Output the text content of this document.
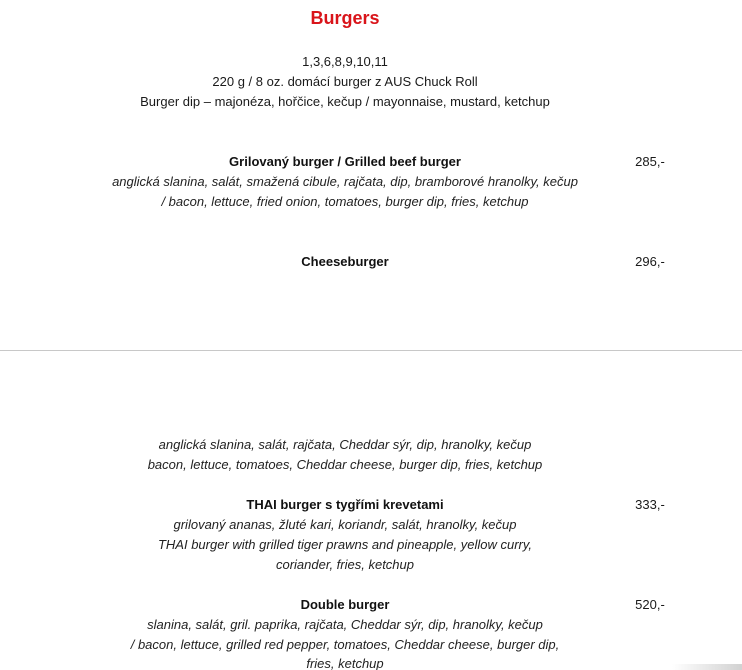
Burgers
1,3,6,8,9,10,11
220 g / 8 oz. domácí burger z AUS Chuck Roll
Burger dip – majonéza, hořčice, kečup / mayonnaise, mustard, ketchup
Grilovaný burger / Grilled beef burger	285,-
anglická slanina, salát, smažená cibule, rajčata, dip, bramborové hranolky, kečup
/ bacon, lettuce, fried onion, tomatoes, burger dip, fries, ketchup
Cheeseburger	296,-
anglická slanina, salát, rajčata, Cheddar sýr, dip, hranolky, kečup
bacon, lettuce, tomatoes, Cheddar cheese, burger dip, fries, ketchup
THAI burger s tygřími krevetami	333,-
grilovaný ananas, žluté kari, koriandr, salát, hranolky, kečup
THAI burger with grilled tiger prawns and pineapple, yellow curry,
coriander, fries, ketchup
Double burger	520,-
slanina, salát, gril. paprika, rajčata, Cheddar sýr, dip, hranolky, kečup
/ bacon, lettuce, grilled red pepper, tomatoes, Cheddar cheese, burger dip,
fries, ketchup
